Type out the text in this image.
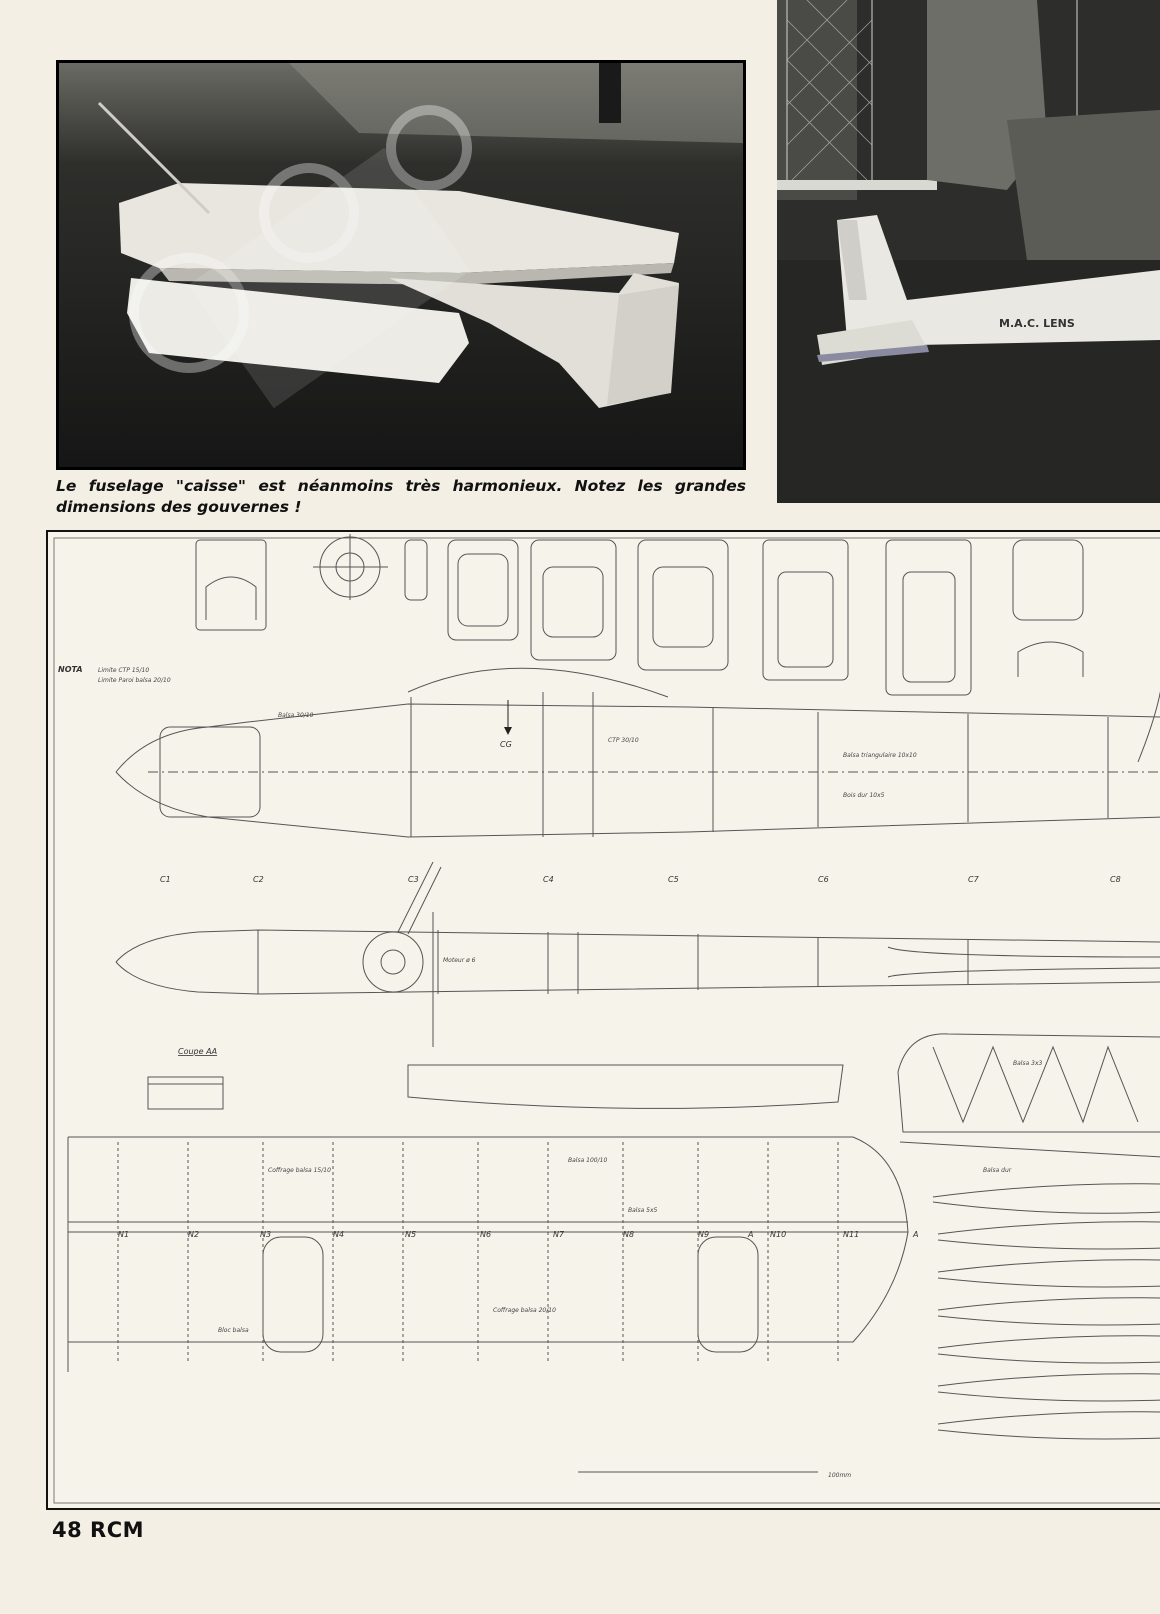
M.A.C. LENS
Le fuselage "caisse" est néanmoins très harmonieux. Notez les grandes dimensions des gouvernes !
NOTA	Limite CTP 15/10
Limite Paroi balsa 20/10
CG
C1	C2	C3	C4	C5	C6	C7	C8
Coupe AA
N1	N2	N3	N4	N5	N6	N7	N8	N9	N10	N11
A	A
100mm
Balsa 30/10
CTP 30/10
Balsa triangulaire 10x10
Bois dur 10x5
Coffrage balsa 15/10
Coffrage balsa 20/10
Balsa 100/10
Balsa 5x5
Balsa 3x3
Moteur ø 6
Bloc balsa
Balsa dur
48 RCM
